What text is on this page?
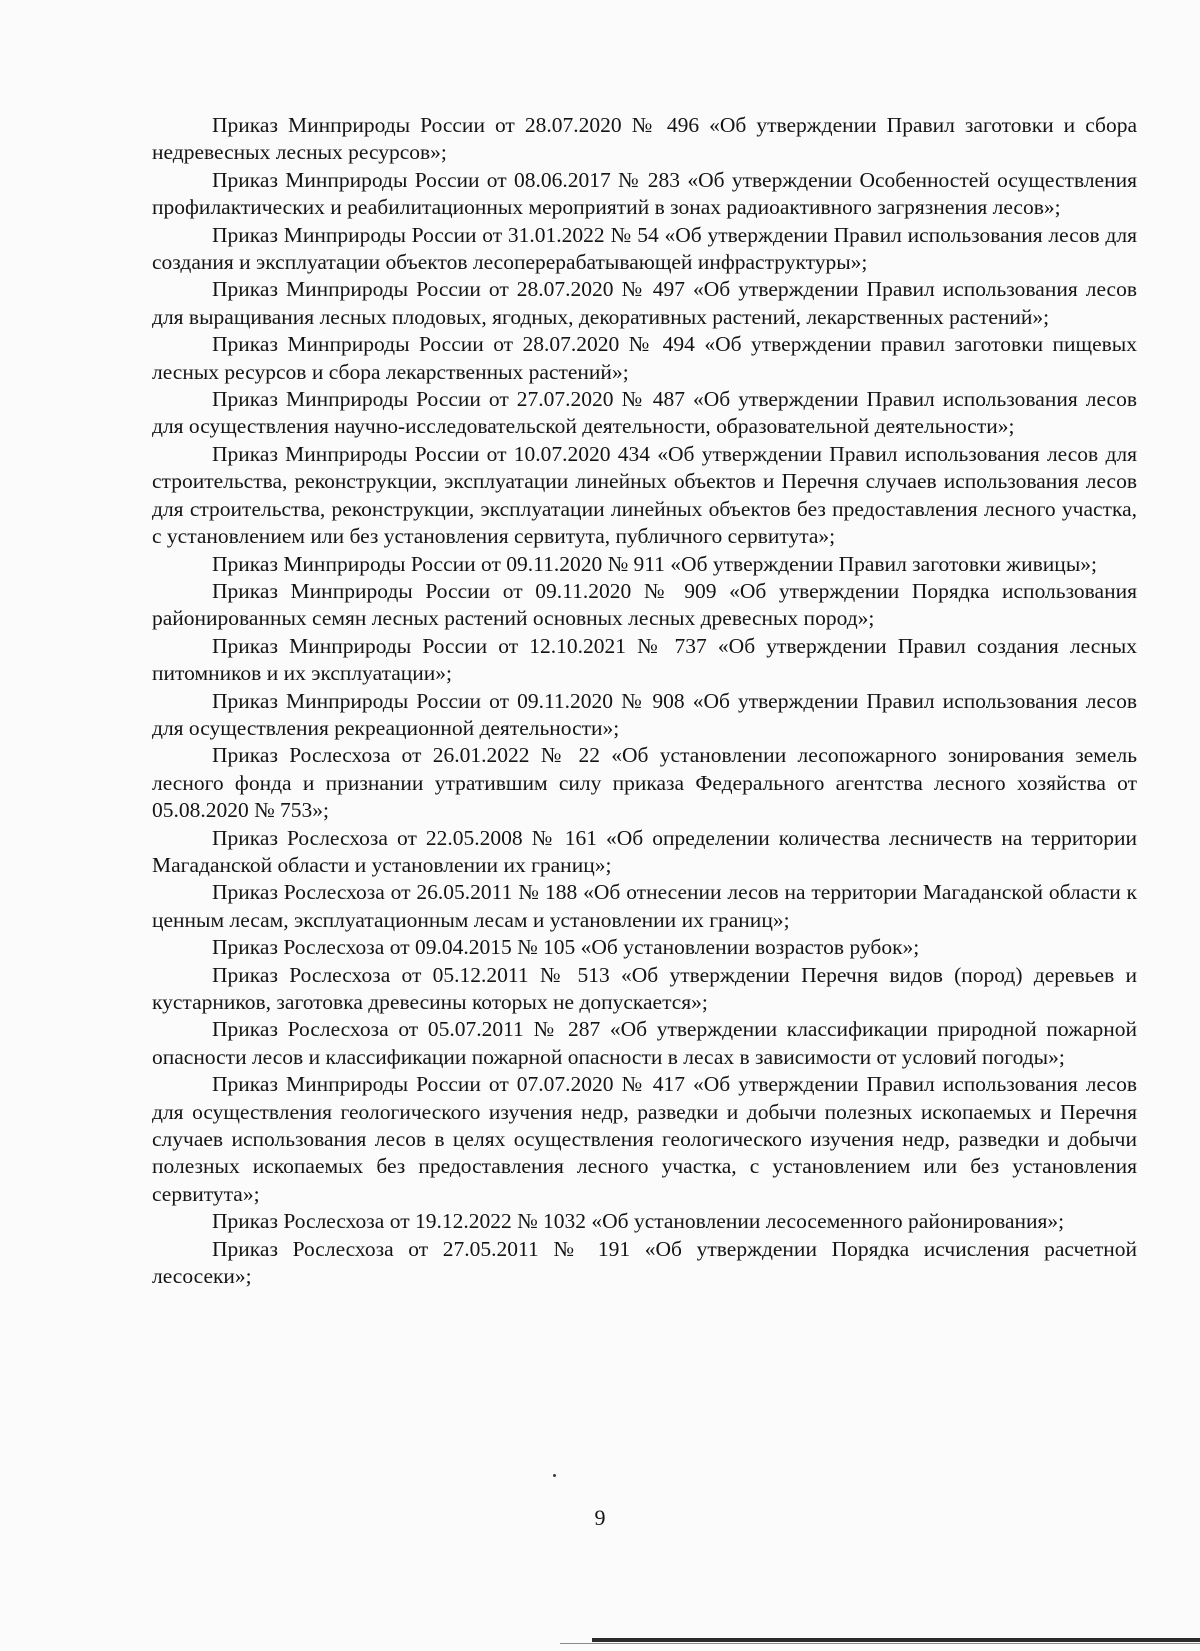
Приказ Минприроды России от 28.07.2020 № 496 «Об утверждении Правил заготовки и сбора недревесных лесных ресурсов»;

Приказ Минприроды России от 08.06.2017 № 283 «Об утверждении Особенностей осуществления профилактических и реабилитационных мероприятий в зонах радиоактивного загрязнения лесов»;

Приказ Минприроды России от 31.01.2022 № 54 «Об утверждении Правил использования лесов для создания и эксплуатации объектов лесоперерабатывающей инфраструктуры»;

Приказ Минприроды России от 28.07.2020 № 497 «Об утверждении Правил использования лесов для выращивания лесных плодовых, ягодных, декоративных растений, лекарственных растений»;

Приказ Минприроды России от 28.07.2020 № 494 «Об утверждении правил заготовки пищевых лесных ресурсов и сбора лекарственных растений»;

Приказ Минприроды России от 27.07.2020 № 487 «Об утверждении Правил использования лесов для осуществления научно-исследовательской деятельности, образовательной деятельности»;

Приказ Минприроды России от 10.07.2020 434 «Об утверждении Правил использования лесов для строительства, реконструкции, эксплуатации линейных объектов и Перечня случаев использования лесов для строительства, реконструкции, эксплуатации линейных объектов без предоставления лесного участка, с установлением или без установления сервитута, публичного сервитута»;

Приказ Минприроды России от 09.11.2020 № 911 «Об утверждении Правил заготовки живицы»;

Приказ Минприроды России от 09.11.2020 № 909 «Об утверждении Порядка использования районированных семян лесных растений основных лесных древесных пород»;

Приказ Минприроды России от 12.10.2021 № 737 «Об утверждении Правил создания лесных питомников и их эксплуатации»;

Приказ Минприроды России от 09.11.2020 № 908 «Об утверждении Правил использования лесов для осуществления рекреационной деятельности»;

Приказ Рослесхоза от 26.01.2022 № 22 «Об установлении лесопожарного зонирования земель лесного фонда и признании утратившим силу приказа Федерального агентства лесного хозяйства от 05.08.2020 № 753»;

Приказ Рослесхоза от 22.05.2008 № 161 «Об определении количества лесничеств на территории Магаданской области и установлении их границ»;

Приказ Рослесхоза от 26.05.2011 № 188 «Об отнесении лесов на территории Магаданской области к ценным лесам, эксплуатационным лесам и установлении их границ»;

Приказ Рослесхоза от 09.04.2015 № 105 «Об установлении возрастов рубок»;

Приказ Рослесхоза от 05.12.2011 № 513 «Об утверждении Перечня видов (пород) деревьев и кустарников, заготовка древесины которых не допускается»;

Приказ Рослесхоза от 05.07.2011 № 287 «Об утверждении классификации природной пожарной опасности лесов и классификации пожарной опасности в лесах в зависимости от условий погоды»;

Приказ Минприроды России от 07.07.2020 № 417 «Об утверждении Правил использования лесов для осуществления геологического изучения недр, разведки и добычи полезных ископаемых и Перечня случаев использования лесов в целях осуществления геологического изучения недр, разведки и добычи полезных ископаемых без предоставления лесного участка, с установлением или без установления сервитута»;

Приказ Рослесхоза от 19.12.2022 № 1032 «Об установлении лесосеменного районирования»;

Приказ Рослесхоза от 27.05.2011 № 191 «Об утверждении Порядка исчисления расчетной лесосеки»;

9
